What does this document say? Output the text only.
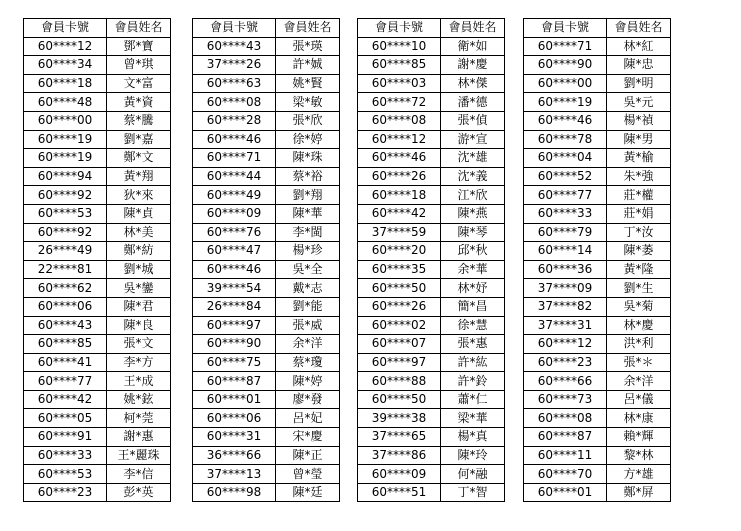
會員卡號	會員姓名
60****12	鄧*寶
60****34	曾*琪
60****18	文*富
60****48	黃*資
60****00	蔡*騰
60****19	劉*嘉
60****19	鄭*文
60****94	黃*翔
60****92	狄*來
60****53	陳*貞
60****92	林*美
26****49	鄭*紡
22****81	劉*城
60****62	吳*鑾
60****06	陳*君
60****43	陳*良
60****85	張*文
60****41	李*方
60****77	王*成
60****42	姚*鉉
60****05	柯*莞
60****91	謝*惠
60****33	王*麗珠
60****53	李*信
60****23	彭*英
會員卡號	會員姓名
60****43	張*瑛
37****26	許*娍
60****63	姚*賢
60****08	梁*敏
60****28	張*欣
60****46	徐*婷
60****71	陳*珠
60****44	蔡*裕
60****49	劉*翔
60****09	陳*華
60****76	李*閩
60****47	楊*珍
60****46	吳*全
39****54	戴*志
26****84	劉*能
60****97	張*威
60****90	余*洋
60****75	蔡*瓊
60****87	陳*婷
60****01	廖*發
60****06	呂*妃
60****31	宋*慶
36****66	陳*正
37****13	曾*瑩
60****98	陳*廷
會員卡號	會員姓名
60****10	衛*如
60****85	謝*慶
60****03	林*傑
60****72	潘*德
60****08	張*偵
60****12	游*宣
60****46	沈*雄
60****26	沈*義
60****18	江*欣
60****42	陳*燕
37****59	陳*琴
60****20	邱*秋
60****35	余*華
60****50	林*妤
60****26	簡*昌
60****02	徐*慧
60****07	張*惠
60****97	許*紘
60****88	許*鈴
60****50	蕭*仁
39****38	梁*華
37****65	楊*真
37****86	陳*玲
60****09	何*融
60****51	丁*智
會員卡號	會員姓名
60****71	林*紅
60****90	陳*忠
60****00	劉*明
60****19	吳*元
60****46	楊*禎
60****78	陳*男
60****04	黃*榆
60****52	朱*強
60****77	莊*權
60****33	莊*娟
60****79	丁*汝
60****14	陳*萎
60****36	黃*隆
37****09	劉*生
37****82	吳*菊
37****31	林*慶
60****12	洪*利
60****23	張*＊
60****66	余*洋
60****73	呂*儀
60****08	林*康
60****87	賴*輝
60****11	黎*林
60****70	方*雄
60****01	鄭*屏
